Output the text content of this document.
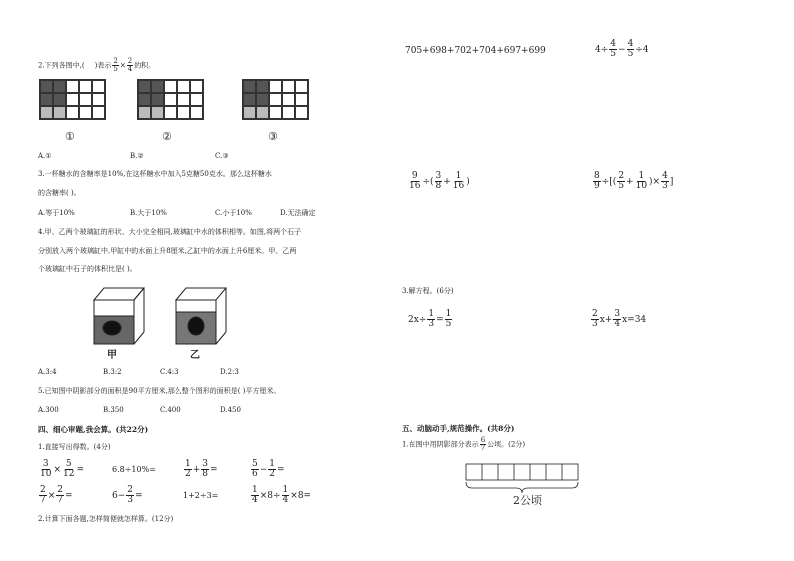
2.下列各图中,( )表示 $\frac{2}{5} \times \frac{2}{4}$ 的积。
①	②	③
A.①	B.②	C.③
3.一杯糖水的含糖率是10%,在这杯糖水中加入5克糖50克水。那么这杯糖水
的含糖率( )。
A.等于10%	B.大于10%	C.小于10%	D.无法确定
4.甲、乙两个玻璃缸的形状、大小完全相同,玻璃缸中水的体积相等。如图,将两个石子
分别放入两个玻璃缸中,甲缸中的水面上升8厘米,乙缸中的水面上升6厘米。甲、乙两
个玻璃缸中石子的体积比是( )。
甲	乙
A.3:4	B.3:2	C.4:3	D.2:3
5.已知图中阴影部分的面积是90平方厘米,那么整个图形的面积是( )平方厘米。
A.300	B.350	C.400	D.450
四、细心审题,我会算。(共22分)
1.直接写出得数。(4分)
$\frac{3}{10} \times \frac{5}{12}$ =	6.8÷10%=	$\frac{1}{2} + \frac{3}{8}$ =	$\frac{5}{6} - \frac{1}{2}$ =
$\frac{2}{7} \times \frac{2}{7}$ =	$6- \frac{2}{3}$ =	1+2÷3=	$\frac{1}{4} \times 8\div \frac{1}{4} \times 8=$
2.计算下面各题,怎样简便就怎样算。(12分)
705+698+702+704+697+699	$4\div \frac{4}{5} - \frac{4}{5} \div 4$
$\frac{9}{16}$ ÷( $\frac{3}{8} + \frac{1}{16}$ )	$\frac{8}{9}$ ÷[( $\frac{2}{5} + \frac{1}{10}$ )× $\frac{4}{3}$ ]
3.解方程。(6分)
$2x\div \frac{1}{3} = \frac{1}{5}$	$\frac{2}{3} x+ \frac{3}{4} x=34$
五、动脑动手,规范操作。(共8分)
1.在图中用阴影部分表示 $\frac{6}{7}$ 公顷。(2分)
2公顷
